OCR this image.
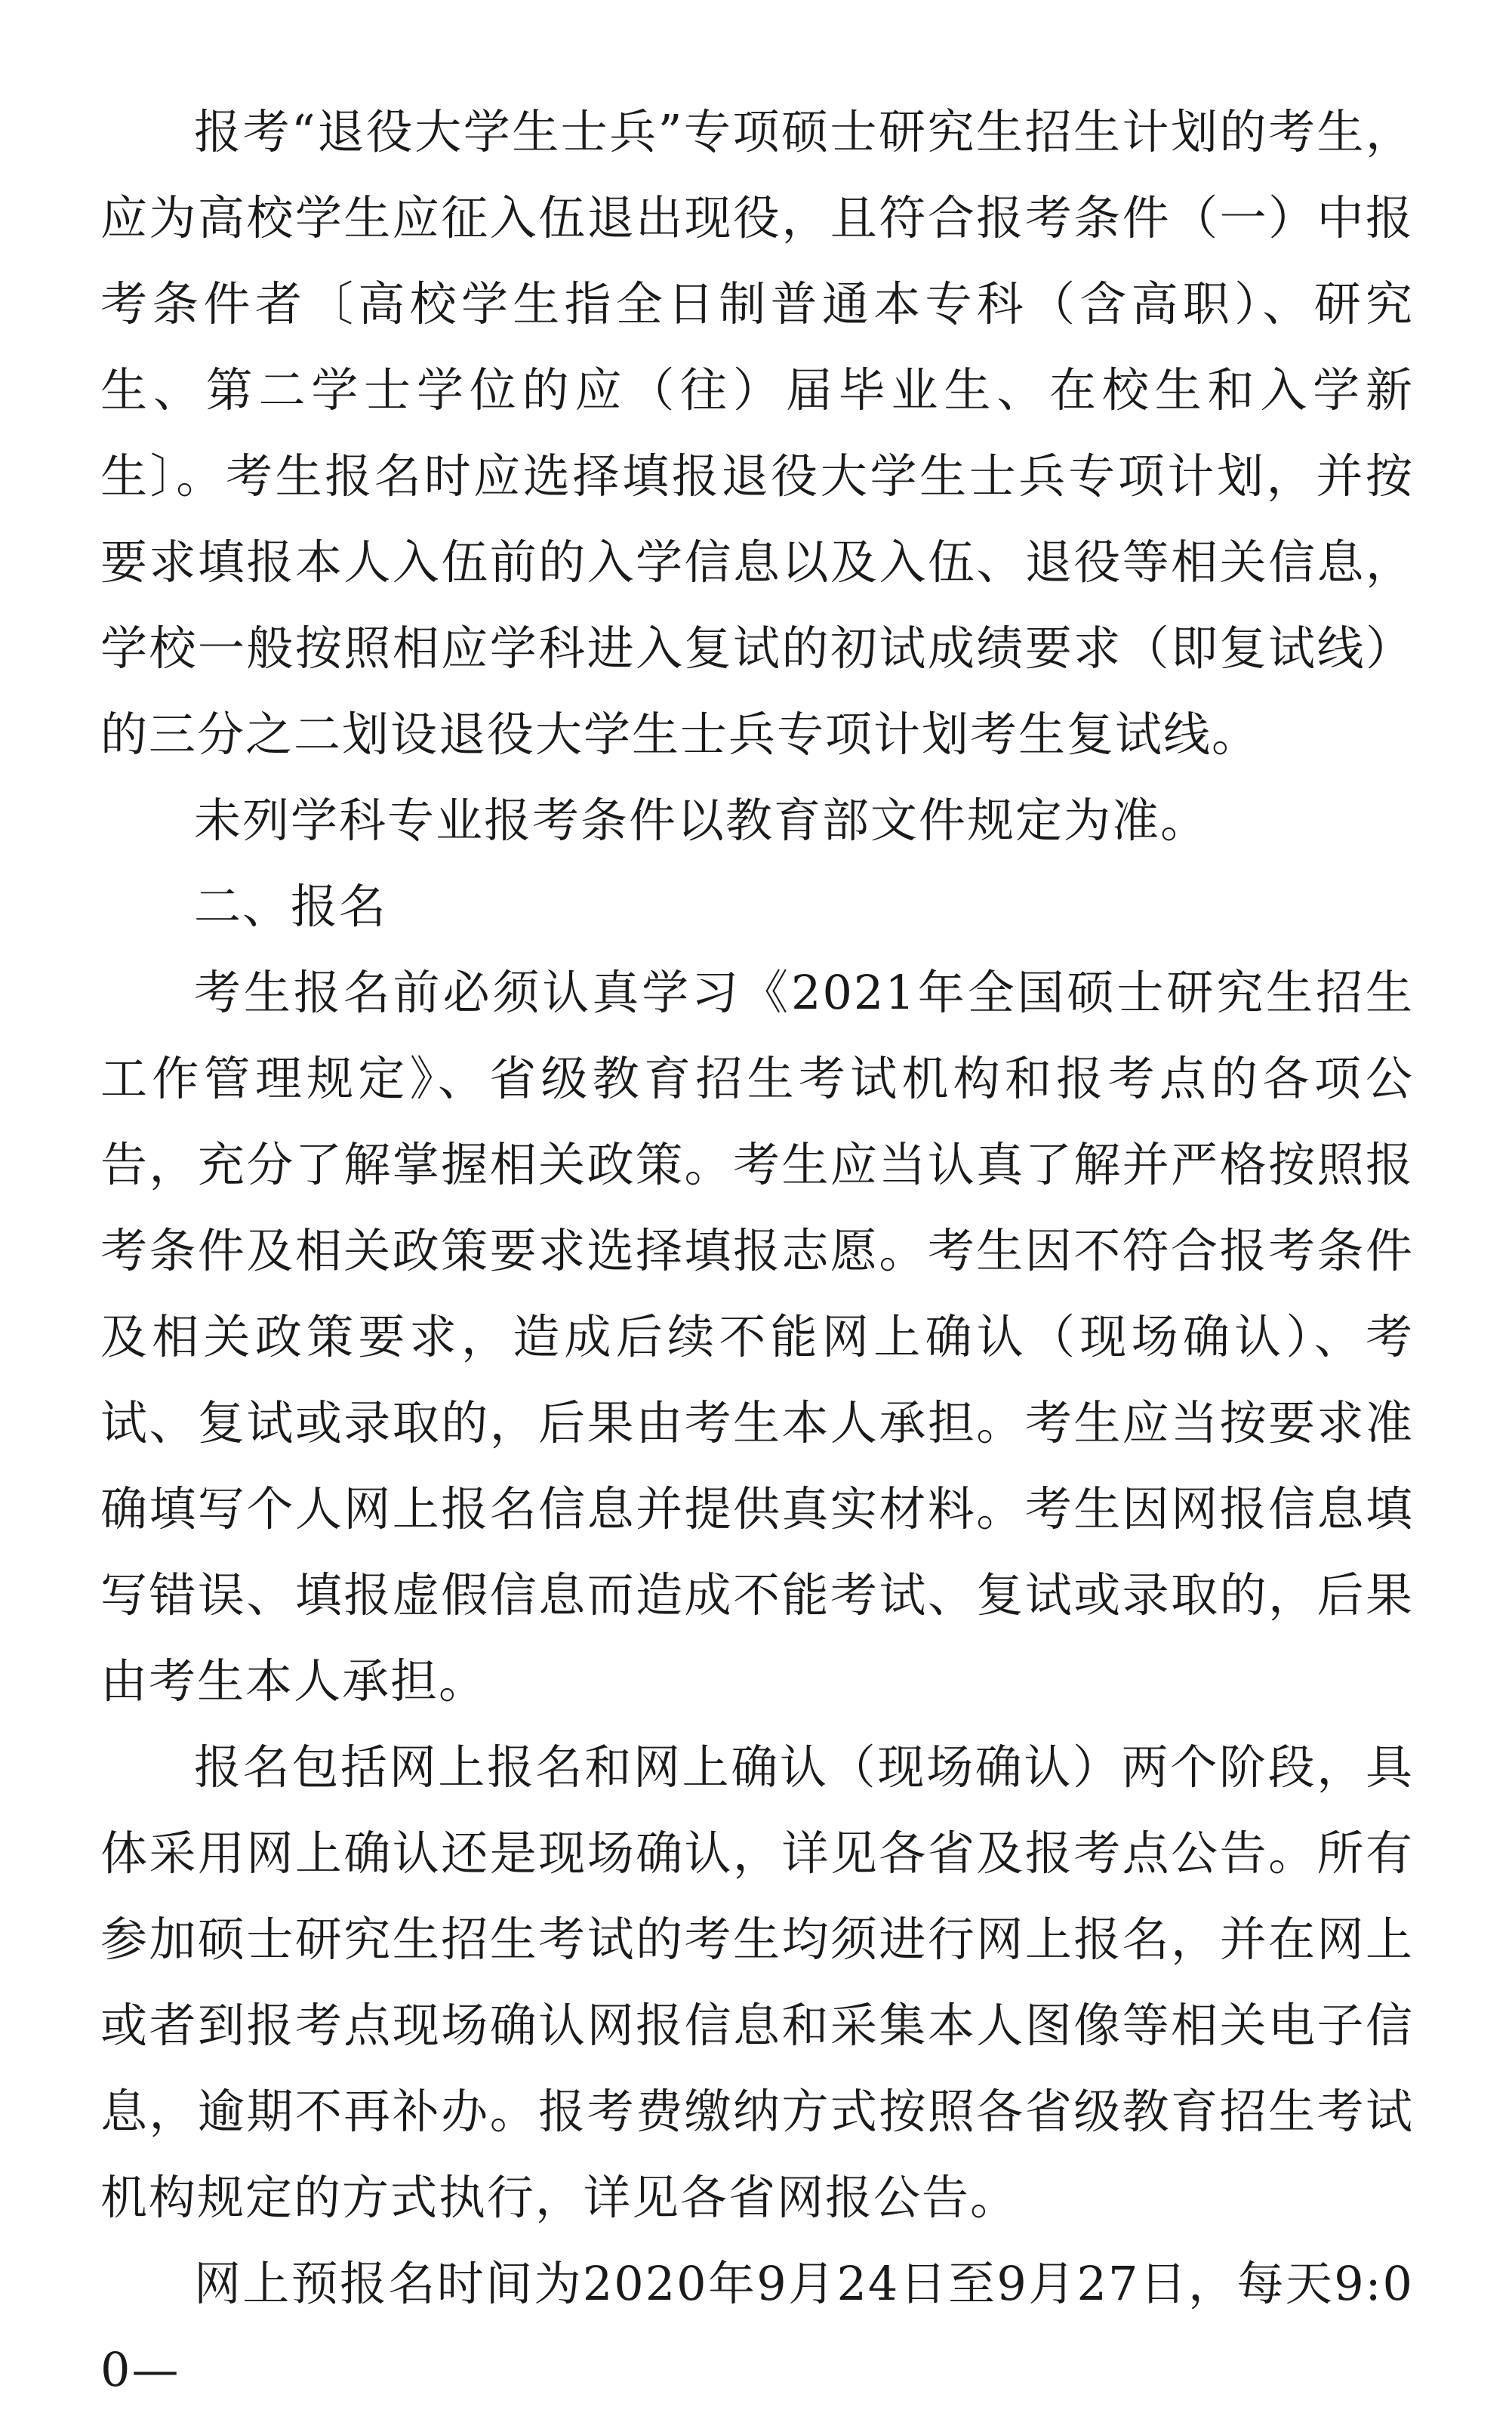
报考“退役大学生士兵”专项硕士研究生招生计划的考生，应为高校学生应征入伍退出现役，且符合报考条件（一）中报考条件者〔高校学生指全日制普通本专科（含高职）、研究生、第二学士学位的应（往）届毕业生、在校生和入学新生〕。考生报名时应选择填报退役大学生士兵专项计划，并按要求填报本人入伍前的入学信息以及入伍、退役等相关信息，学校一般按照相应学科进入复试的初试成绩要求（即复试线）的三分之二划设退役大学生士兵专项计划考生复试线。

未列学科专业报考条件以教育部文件规定为准。

二、报名

考生报名前必须认真学习《2021年全国硕士研究生招生工作管理规定》、省级教育招生考试机构和报考点的各项公告，充分了解掌握相关政策。考生应当认真了解并严格按照报考条件及相关政策要求选择填报志愿。考生因不符合报考条件及相关政策要求，造成后续不能网上确认（现场确认）、考试、复试或录取的，后果由考生本人承担。考生应当按要求准确填写个人网上报名信息并提供真实材料。考生因网报信息填写错误、填报虚假信息而造成不能考试、复试或录取的，后果由考生本人承担。

报名包括网上报名和网上确认（现场确认）两个阶段，具体采用网上确认还是现场确认，详见各省及报考点公告。所有参加硕士研究生招生考试的考生均须进行网上报名，并在网上或者到报考点现场确认网报信息和采集本人图像等相关电子信息，逾期不再补办。报考费缴纳方式按照各省级教育招生考试机构规定的方式执行，详见各省网报公告。

网上预报名时间为2020年9月24日至9月27日，每天9:00—
